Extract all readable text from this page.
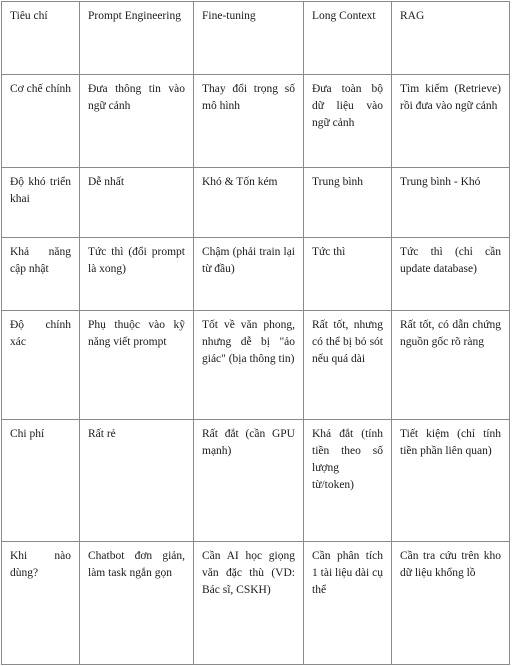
Tiêu chí	Prompt Engineering	Fine-tuning	Long Context	RAG
Cơ chế chính	Đưa thông tin vào ngữ cảnh	Thay đổi trọng số mô hình	Đưa toàn bộ dữ liệu vào ngữ cảnh	Tìm kiếm (Retrieve) rồi đưa vào ngữ cảnh
Độ khó triển khai	Dễ nhất	Khó & Tốn kém	Trung bình	Trung bình - Khó
Khả năng cập nhật	Tức thì (đổi prompt là xong)	Chậm (phải train lại từ đầu)	Tức thì	Tức thì (chỉ cần update database)
Độ chính xác	Phụ thuộc vào kỹ năng viết prompt	Tốt về văn phong, nhưng dễ bị "ảo giác" (bịa thông tin)	Rất tốt, nhưng có thể bị bỏ sót nếu quá dài	Rất tốt, có dẫn chứng nguồn gốc rõ ràng
Chi phí	Rất rẻ	Rất đắt (cần GPU mạnh)	Khá đắt (tính tiền theo số lượng từ/token)	Tiết kiệm (chỉ tính tiền phần liên quan)
Khi nào dùng?	Chatbot đơn giản, làm task ngắn gọn	Cần AI học giọng văn đặc thù (VD: Bác sĩ, CSKH)	Cần phân tích 1 tài liệu dài cụ thể	Cần tra cứu trên kho dữ liệu khổng lồ
